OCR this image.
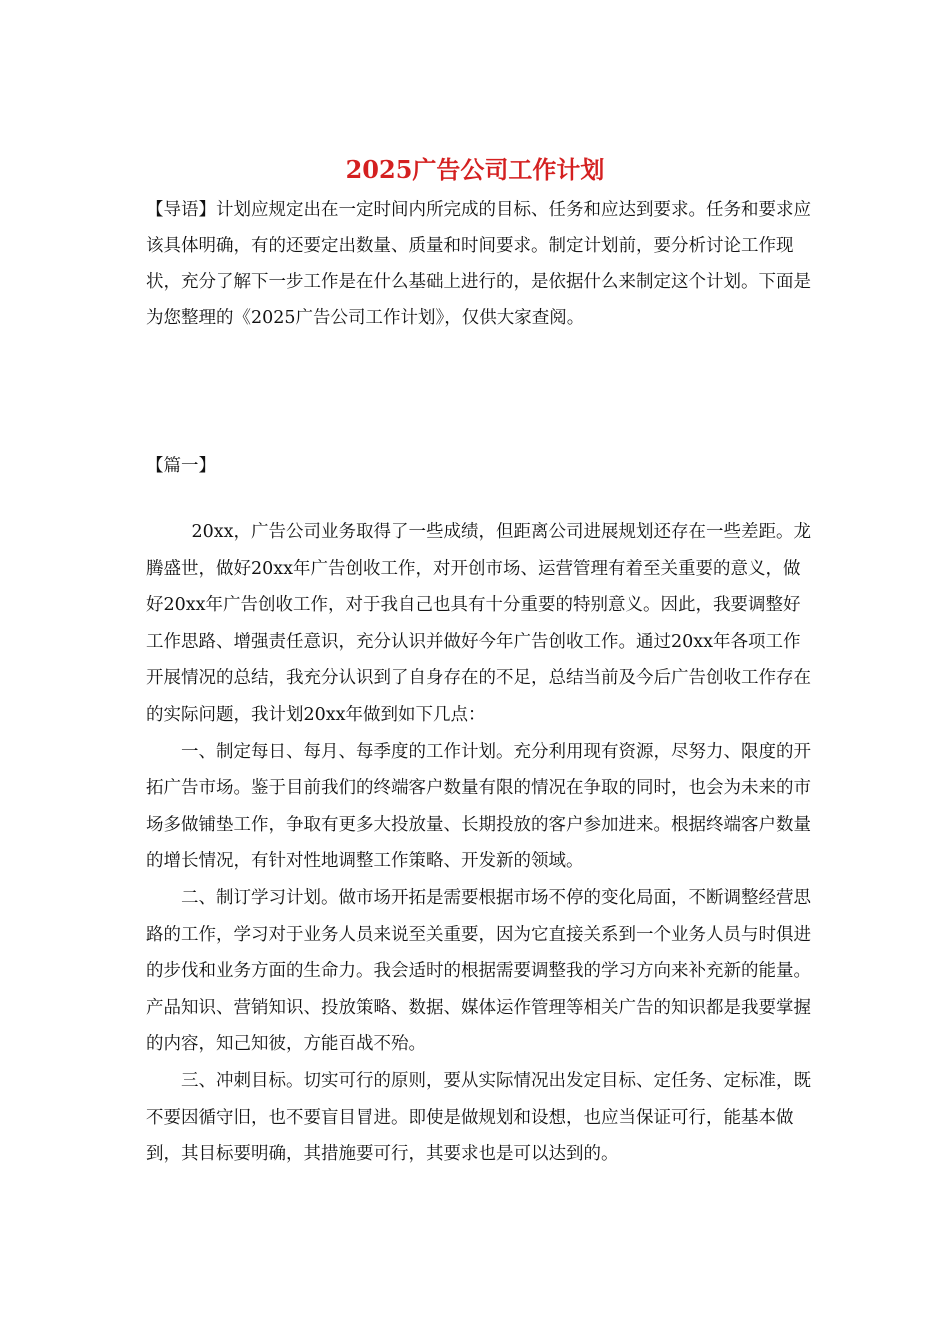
2025广告公司工作计划
【导语】计划应规定出在一定时间内所完成的目标、任务和应达到要求。任务和要求应该具体明确，有的还要定出数量、质量和时间要求。制定计划前，要分析讨论工作现状，充分了解下一步工作是在什么基础上进行的，是依据什么来制定这个计划。下面是为您整理的《2025广告公司工作计划》，仅供大家查阅。
【篇一】

20xx，广告公司业务取得了一些成绩，但距离公司进展规划还存在一些差距。龙腾盛世，做好20xx年广告创收工作，对开创市场、运营管理有着至关重要的意义，做好20xx年广告创收工作，对于我自己也具有十分重要的特别意义。因此，我要调整好工作思路、增强责任意识，充分认识并做好今年广告创收工作。通过20xx年各项工作开展情况的总结，我充分认识到了自身存在的不足，总结当前及今后广告创收工作存在的实际问题，我计划20xx年做到如下几点：

一、制定每日、每月、每季度的工作计划。充分利用现有资源，尽努力、限度的开拓广告市场。鉴于目前我们的终端客户数量有限的情况在争取的同时，也会为未来的市场多做铺垫工作，争取有更多大投放量、长期投放的客户参加进来。根据终端客户数量的增长情况，有针对性地调整工作策略、开发新的领域。

二、制订学习计划。做市场开拓是需要根据市场不停的变化局面，不断调整经营思路的工作，学习对于业务人员来说至关重要，因为它直接关系到一个业务人员与时俱进的步伐和业务方面的生命力。我会适时的根据需要调整我的学习方向来补充新的能量。产品知识、营销知识、投放策略、数据、媒体运作管理等相关广告的知识都是我要掌握的内容，知己知彼，方能百战不殆。

三、冲刺目标。切实可行的原则，要从实际情况出发定目标、定任务、定标准，既不要因循守旧，也不要盲目冒进。即使是做规划和设想，也应当保证可行，能基本做到，其目标要明确，其措施要可行，其要求也是可以达到的。
